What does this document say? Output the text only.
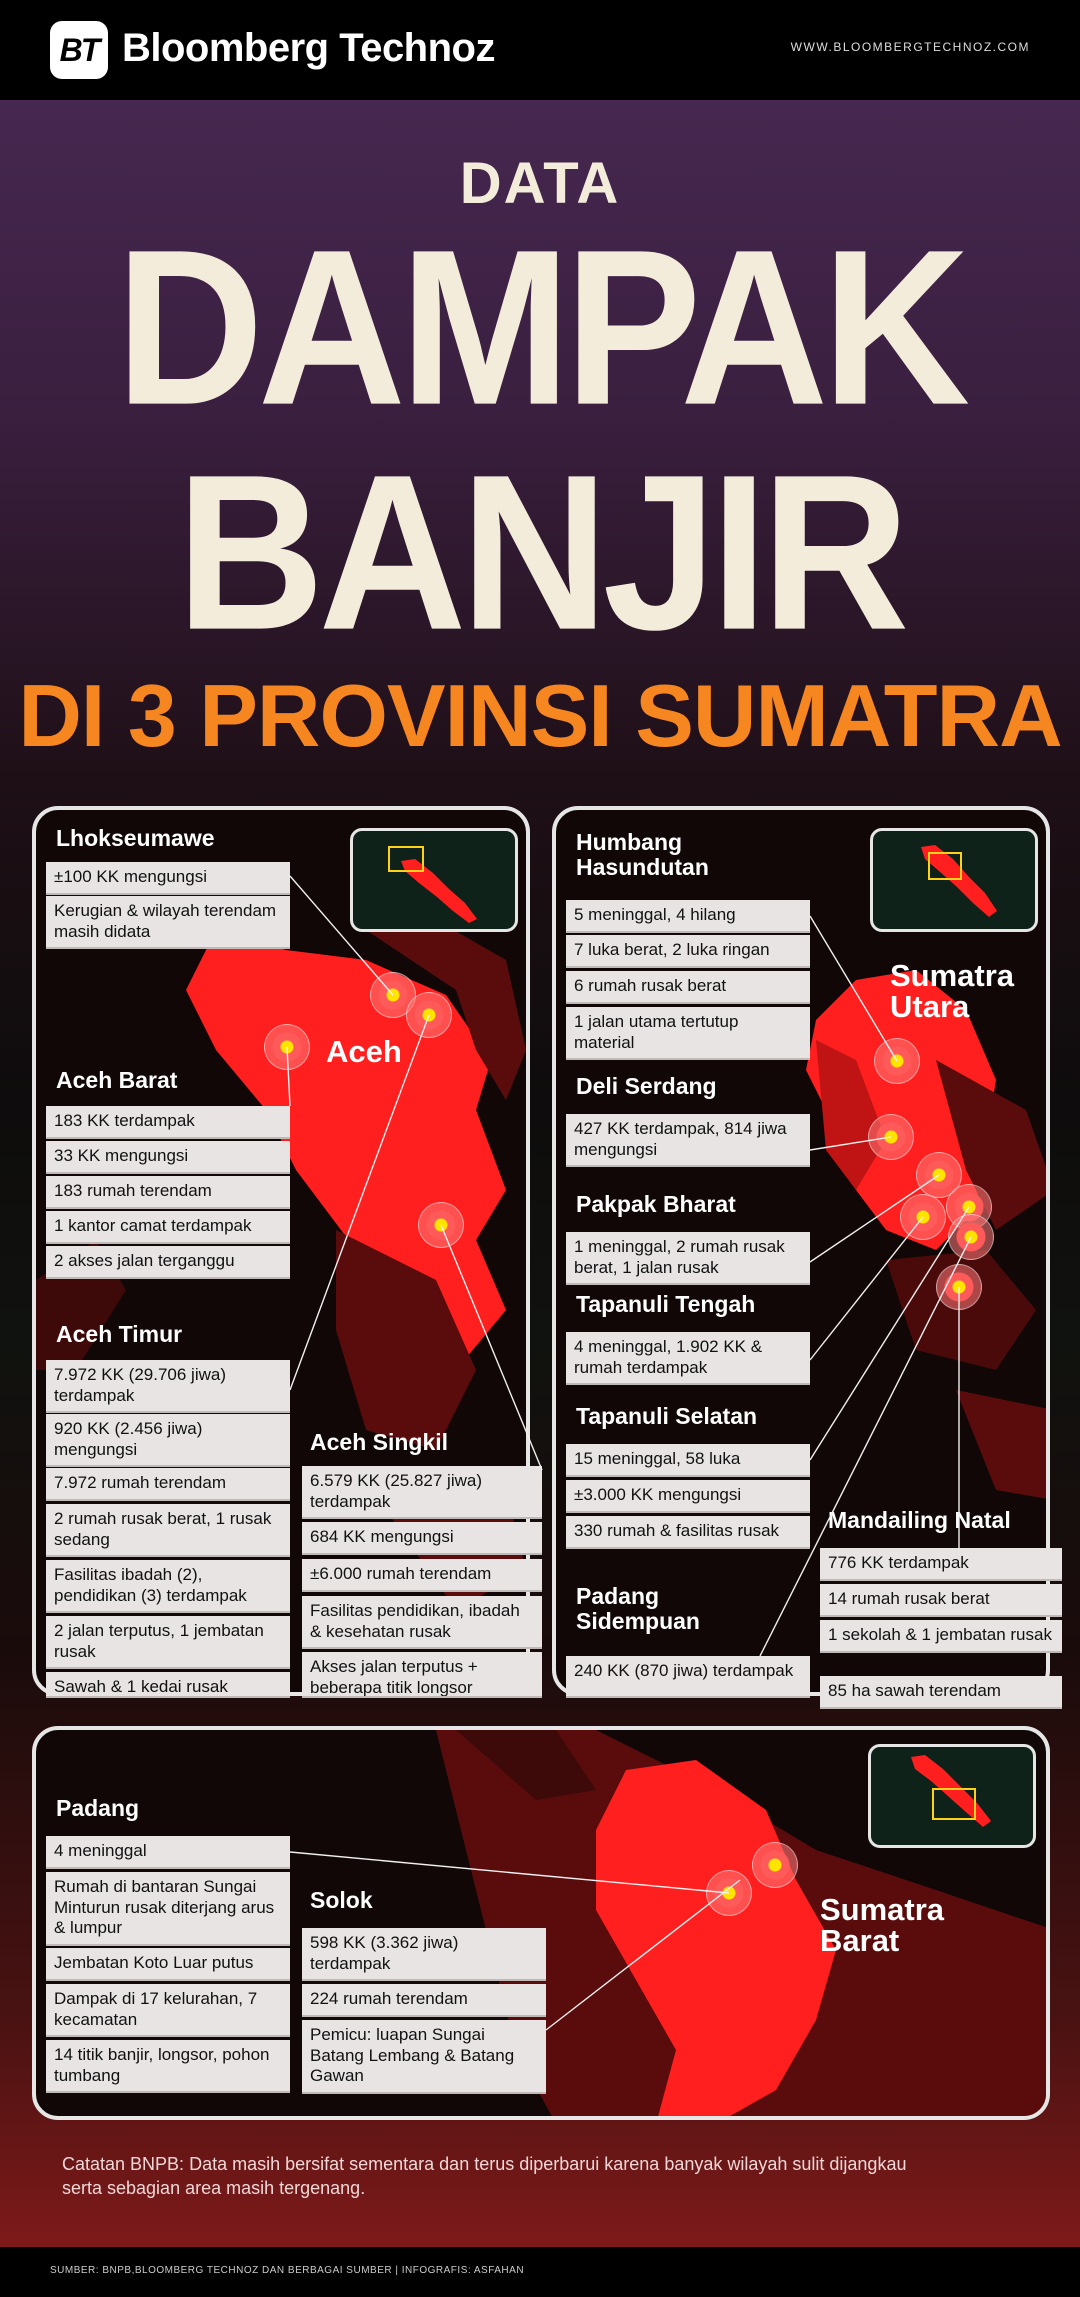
BT Bloomberg Technoz	WWW.BLOOMBERGTECHNOZ.COM
DATA
DAMPAK
BANJIR
DI 3 PROVINSI SUMATRA
Aceh
Lhokseumawe
±100 KK mengungsi
Kerugian & wilayah terendam masih didata
Aceh Barat
183 KK terdampak
33 KK mengungsi
183 rumah terendam
1 kantor camat terdampak
2 akses jalan terganggu
Aceh Timur
7.972 KK (29.706 jiwa) terdampak
920 KK (2.456 jiwa) mengungsi
7.972 rumah terendam
2 rumah rusak berat, 1 rusak sedang
Fasilitas ibadah (2), pendidikan (3) terdampak
2 jalan terputus, 1 jembatan rusak
Sawah & 1 kedai rusak
Aceh Singkil
6.579 KK (25.827 jiwa) terdampak
684 KK mengungsi
±6.000 rumah terendam
Fasilitas pendidikan, ibadah & kesehatan rusak
Akses jalan terputus + beberapa titik longsor
Sumatra Utara
Humbang Hasundutan
5 meninggal, 4 hilang
7 luka berat, 2 luka ringan
6 rumah rusak berat
1 jalan utama tertutup material
Deli Serdang
427 KK terdampak, 814 jiwa mengungsi
Pakpak Bharat
1 meninggal, 2 rumah rusak berat, 1 jalan rusak
Tapanuli Tengah
4 meninggal, 1.902 KK & rumah terdampak
Tapanuli Selatan
15 meninggal, 58 luka
±3.000 KK mengungsi
330 rumah & fasilitas rusak
Padang Sidempuan
240 KK (870 jiwa) terdampak
Mandailing Natal
776 KK terdampak
14 rumah rusak berat
1 sekolah & 1 jembatan rusak
85 ha sawah terendam
Sumatra Barat
Padang
4 meninggal
Rumah di bantaran Sungai Minturun rusak diterjang arus & lumpur
Jembatan Koto Luar putus
Dampak di 17 kelurahan, 7 kecamatan
14 titik banjir, longsor, pohon tumbang
Solok
598 KK (3.362 jiwa) terdampak
224 rumah terendam
Pemicu: luapan Sungai Batang Lembang & Batang Gawan
Catatan BNPB: Data masih bersifat sementara dan terus diperbarui karena banyak wilayah sulit dijangkau serta sebagian area masih tergenang.
SUMBER: BNPB,BLOOMBERG TECHNOZ DAN BERBAGAI SUMBER | INFOGRAFIS: ASFAHAN
